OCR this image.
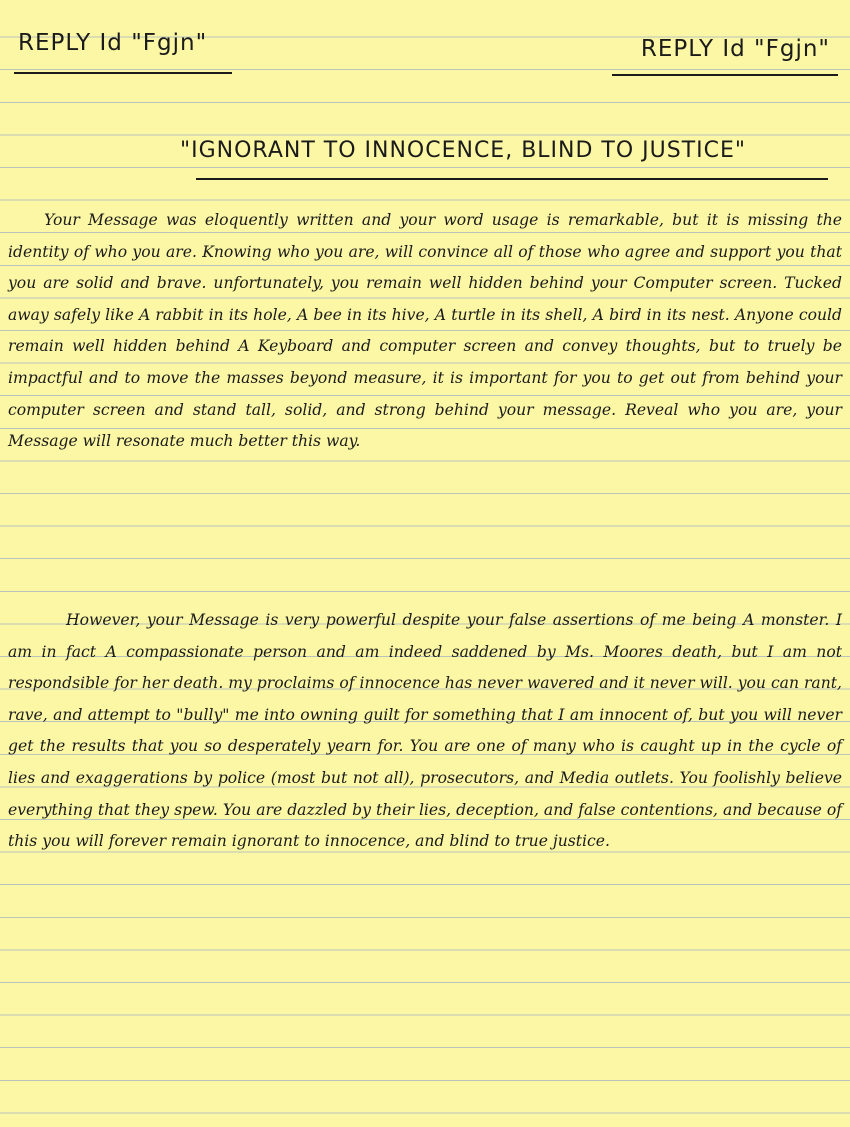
REPLY Id "Fgjn"	REPLY Id "Fgjn"
"IGNORANT TO INNOCENCE, BLIND TO JUSTICE"

Your Message was eloquently written and your word usage is remarkable, but it is missing the identity of who you are. Knowing who you are, will convince all of those who agree and support you that you are solid and brave. unfortunately, you remain well hidden behind your Computer screen. Tucked away safely like A rabbit in its hole, A bee in its hive, A turtle in its shell, A bird in its nest. Anyone could remain well hidden behind A Keyboard and computer screen and convey thoughts, but to truely be impactful and to move the masses beyond measure, it is important for you to get out from behind your computer screen and stand tall, solid, and strong behind your message. Reveal who you are, your Message will resonate much better this way.

However, your Message is very powerful despite your false assertions of me being A monster. I am in fact A compassionate person and am indeed saddened by Ms. Moores death, but I am not respondsible for her death. my proclaims of innocence has never wavered and it never will. you can rant, rave, and attempt to "bully" me into owning guilt for something that I am innocent of, but you will never get the results that you so desperately yearn for. You are one of many who is caught up in the cycle of lies and exaggerations by police (most but not all), prosecutors, and Media outlets. You foolishly believe everything that they spew. You are dazzled by their lies, deception, and false contentions, and because of this you will forever remain ignorant to innocence, and blind to true justice.
